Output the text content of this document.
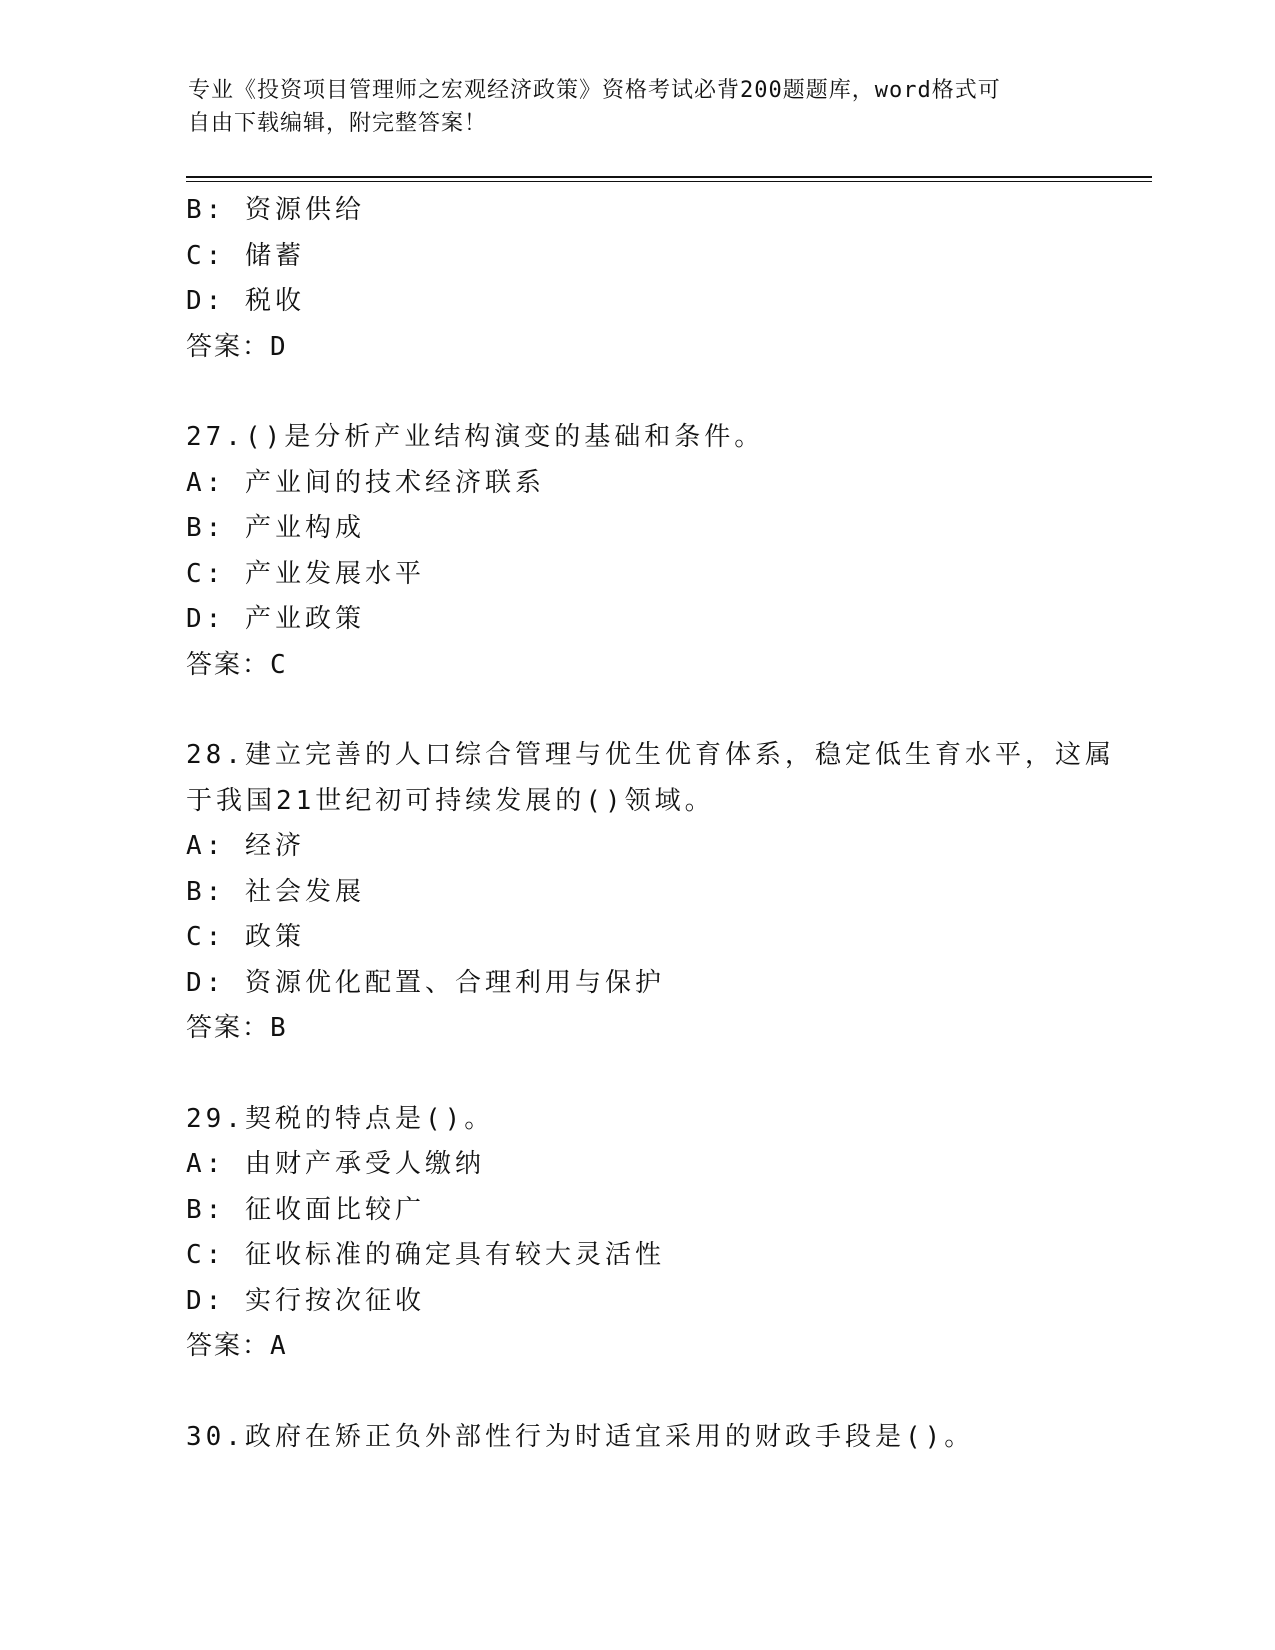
专业《投资项目管理师之宏观经济政策》资格考试必背200题题库，word格式可
自由下载编辑，附完整答案！
B: 资源供给
C: 储蓄
D: 税收
答案：D
27.()是分析产业结构演变的基础和条件。
A: 产业间的技术经济联系
B: 产业构成
C: 产业发展水平
D: 产业政策
答案：C
28.建立完善的人口综合管理与优生优育体系，稳定低生育水平，这属
于我国21世纪初可持续发展的()领域。
A: 经济
B: 社会发展
C: 政策
D: 资源优化配置、合理利用与保护
答案：B
29.契税的特点是()。
A: 由财产承受人缴纳
B: 征收面比较广
C: 征收标准的确定具有较大灵活性
D: 实行按次征收
答案：A
30.政府在矫正负外部性行为时适宜采用的财政手段是()。
